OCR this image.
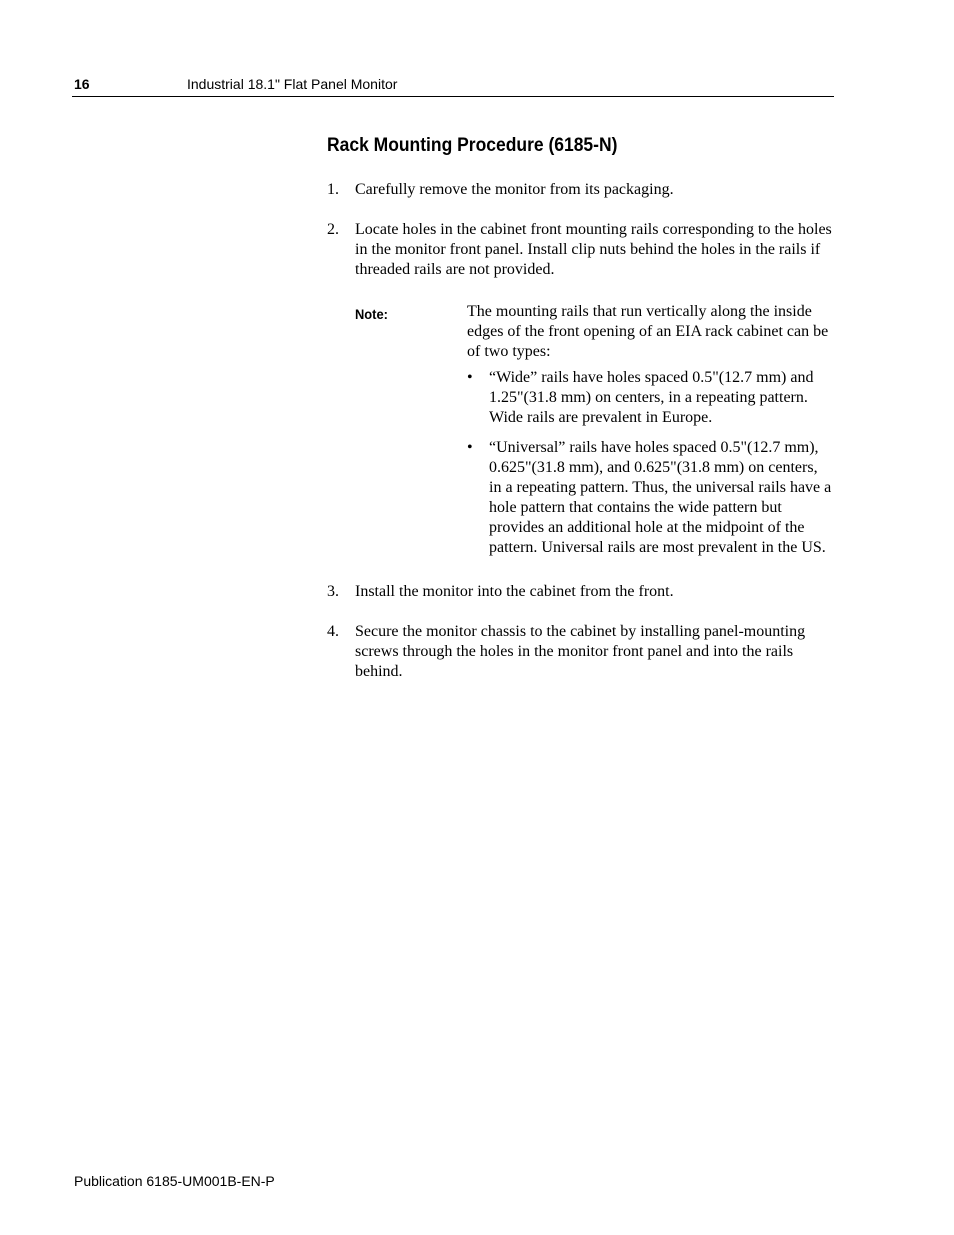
16	Industrial 18.1" Flat Panel Monitor
Rack Mounting Procedure (6185-N)

1. Carefully remove the monitor from its packaging.

2. Locate holes in the cabinet front mounting rails corresponding to the holes in the monitor front panel. Install clip nuts behind the holes in the rails if threaded rails are not provided.

Note:	The mounting rails that run vertically along the inside edges of the front opening of an EIA rack cabinet can be of two types:
• “Wide” rails have holes spaced 0.5"(12.7 mm) and 1.25"(31.8 mm) on centers, in a repeating pattern. Wide rails are prevalent in Europe.
• “Universal” rails have holes spaced 0.5"(12.7 mm), 0.625"(31.8 mm), and 0.625"(31.8 mm) on centers, in a repeating pattern. Thus, the universal rails have a hole pattern that contains the wide pattern but provides an additional hole at the midpoint of the pattern. Universal rails are most prevalent in the US.

3. Install the monitor into the cabinet from the front.

4. Secure the monitor chassis to the cabinet by installing panel-mounting screws through the holes in the monitor front panel and into the rails behind.

Publication 6185-UM001B-EN-P
